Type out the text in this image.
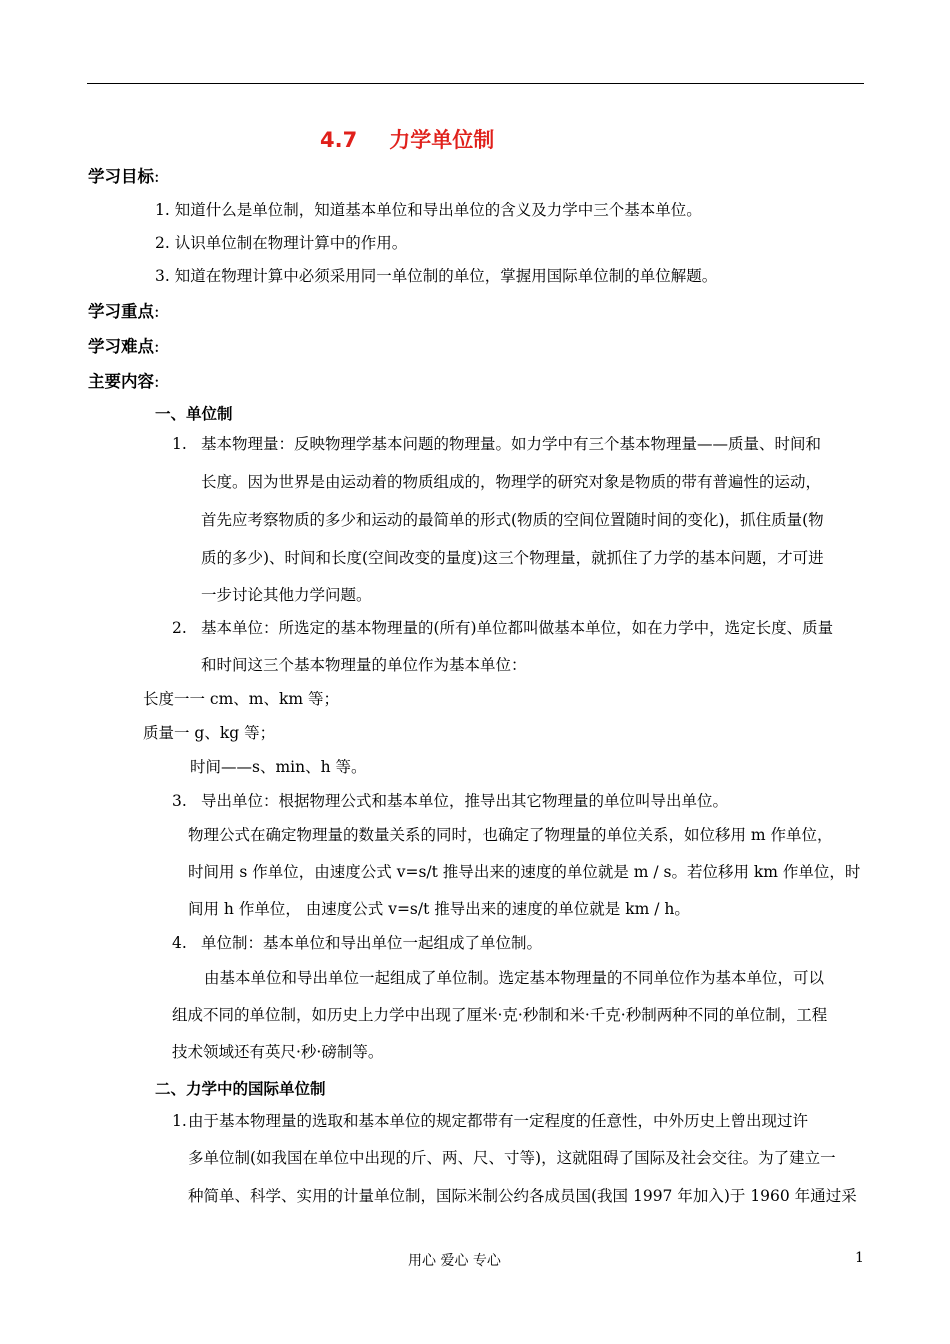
4.7 力学单位制
学习目标:
1. 知道什么是单位制，知道基本单位和导出单位的含义及力学中三个基本单位。
2. 认识单位制在物理计算中的作用。
3. 知道在物理计算中必须采用同一单位制的单位，掌握用国际单位制的单位解题。
学习重点:
学习难点:
主要内容:
一、单位制
1. 基本物理量：反映物理学基本问题的物理量。如力学中有三个基本物理量——质量、时间和
长度。因为世界是由运动着的物质组成的，物理学的研究对象是物质的带有普遍性的运动，
首先应考察物质的多少和运动的最简单的形式(物质的空间位置随时间的变化)，抓住质量(物
质的多少)、时间和长度(空间改变的量度)这三个物理量，就抓住了力学的基本问题，才可进
一步讨论其他力学问题。
2. 基本单位：所选定的基本物理量的(所有)单位都叫做基本单位，如在力学中，选定长度、质量
和时间这三个基本物理量的单位作为基本单位：
长度一一 cm、m、km 等；
质量一 g、kg 等；
时间——s、min、h 等。
3. 导出单位：根据物理公式和基本单位，推导出其它物理量的单位叫导出单位。
物理公式在确定物理量的数量关系的同时，也确定了物理量的单位关系，如位移用 m 作单位，
时间用 s 作单位，由速度公式 v=s/t 推导出来的速度的单位就是 m / s。若位移用 km 作单位，时
间用 h 作单位， 由速度公式 v=s/t 推导出来的速度的单位就是 km / h。
4. 单位制：基本单位和导出单位一起组成了单位制。
由基本单位和导出单位一起组成了单位制。选定基本物理量的不同单位作为基本单位，可以
组成不同的单位制，如历史上力学中出现了厘米·克·秒制和米·千克·秒制两种不同的单位制，工程
技术领域还有英尺·秒·磅制等。
二、力学中的国际单位制
1. 由于基本物理量的选取和基本单位的规定都带有一定程度的任意性，中外历史上曾出现过许
多单位制(如我国在单位中出现的斤、两、尺、寸等)，这就阻碍了国际及社会交往。为了建立一
种简单、科学、实用的计量单位制，国际米制公约各成员国(我国 1997 年加入)于 1960 年通过采
用心 爱心 专心	1
